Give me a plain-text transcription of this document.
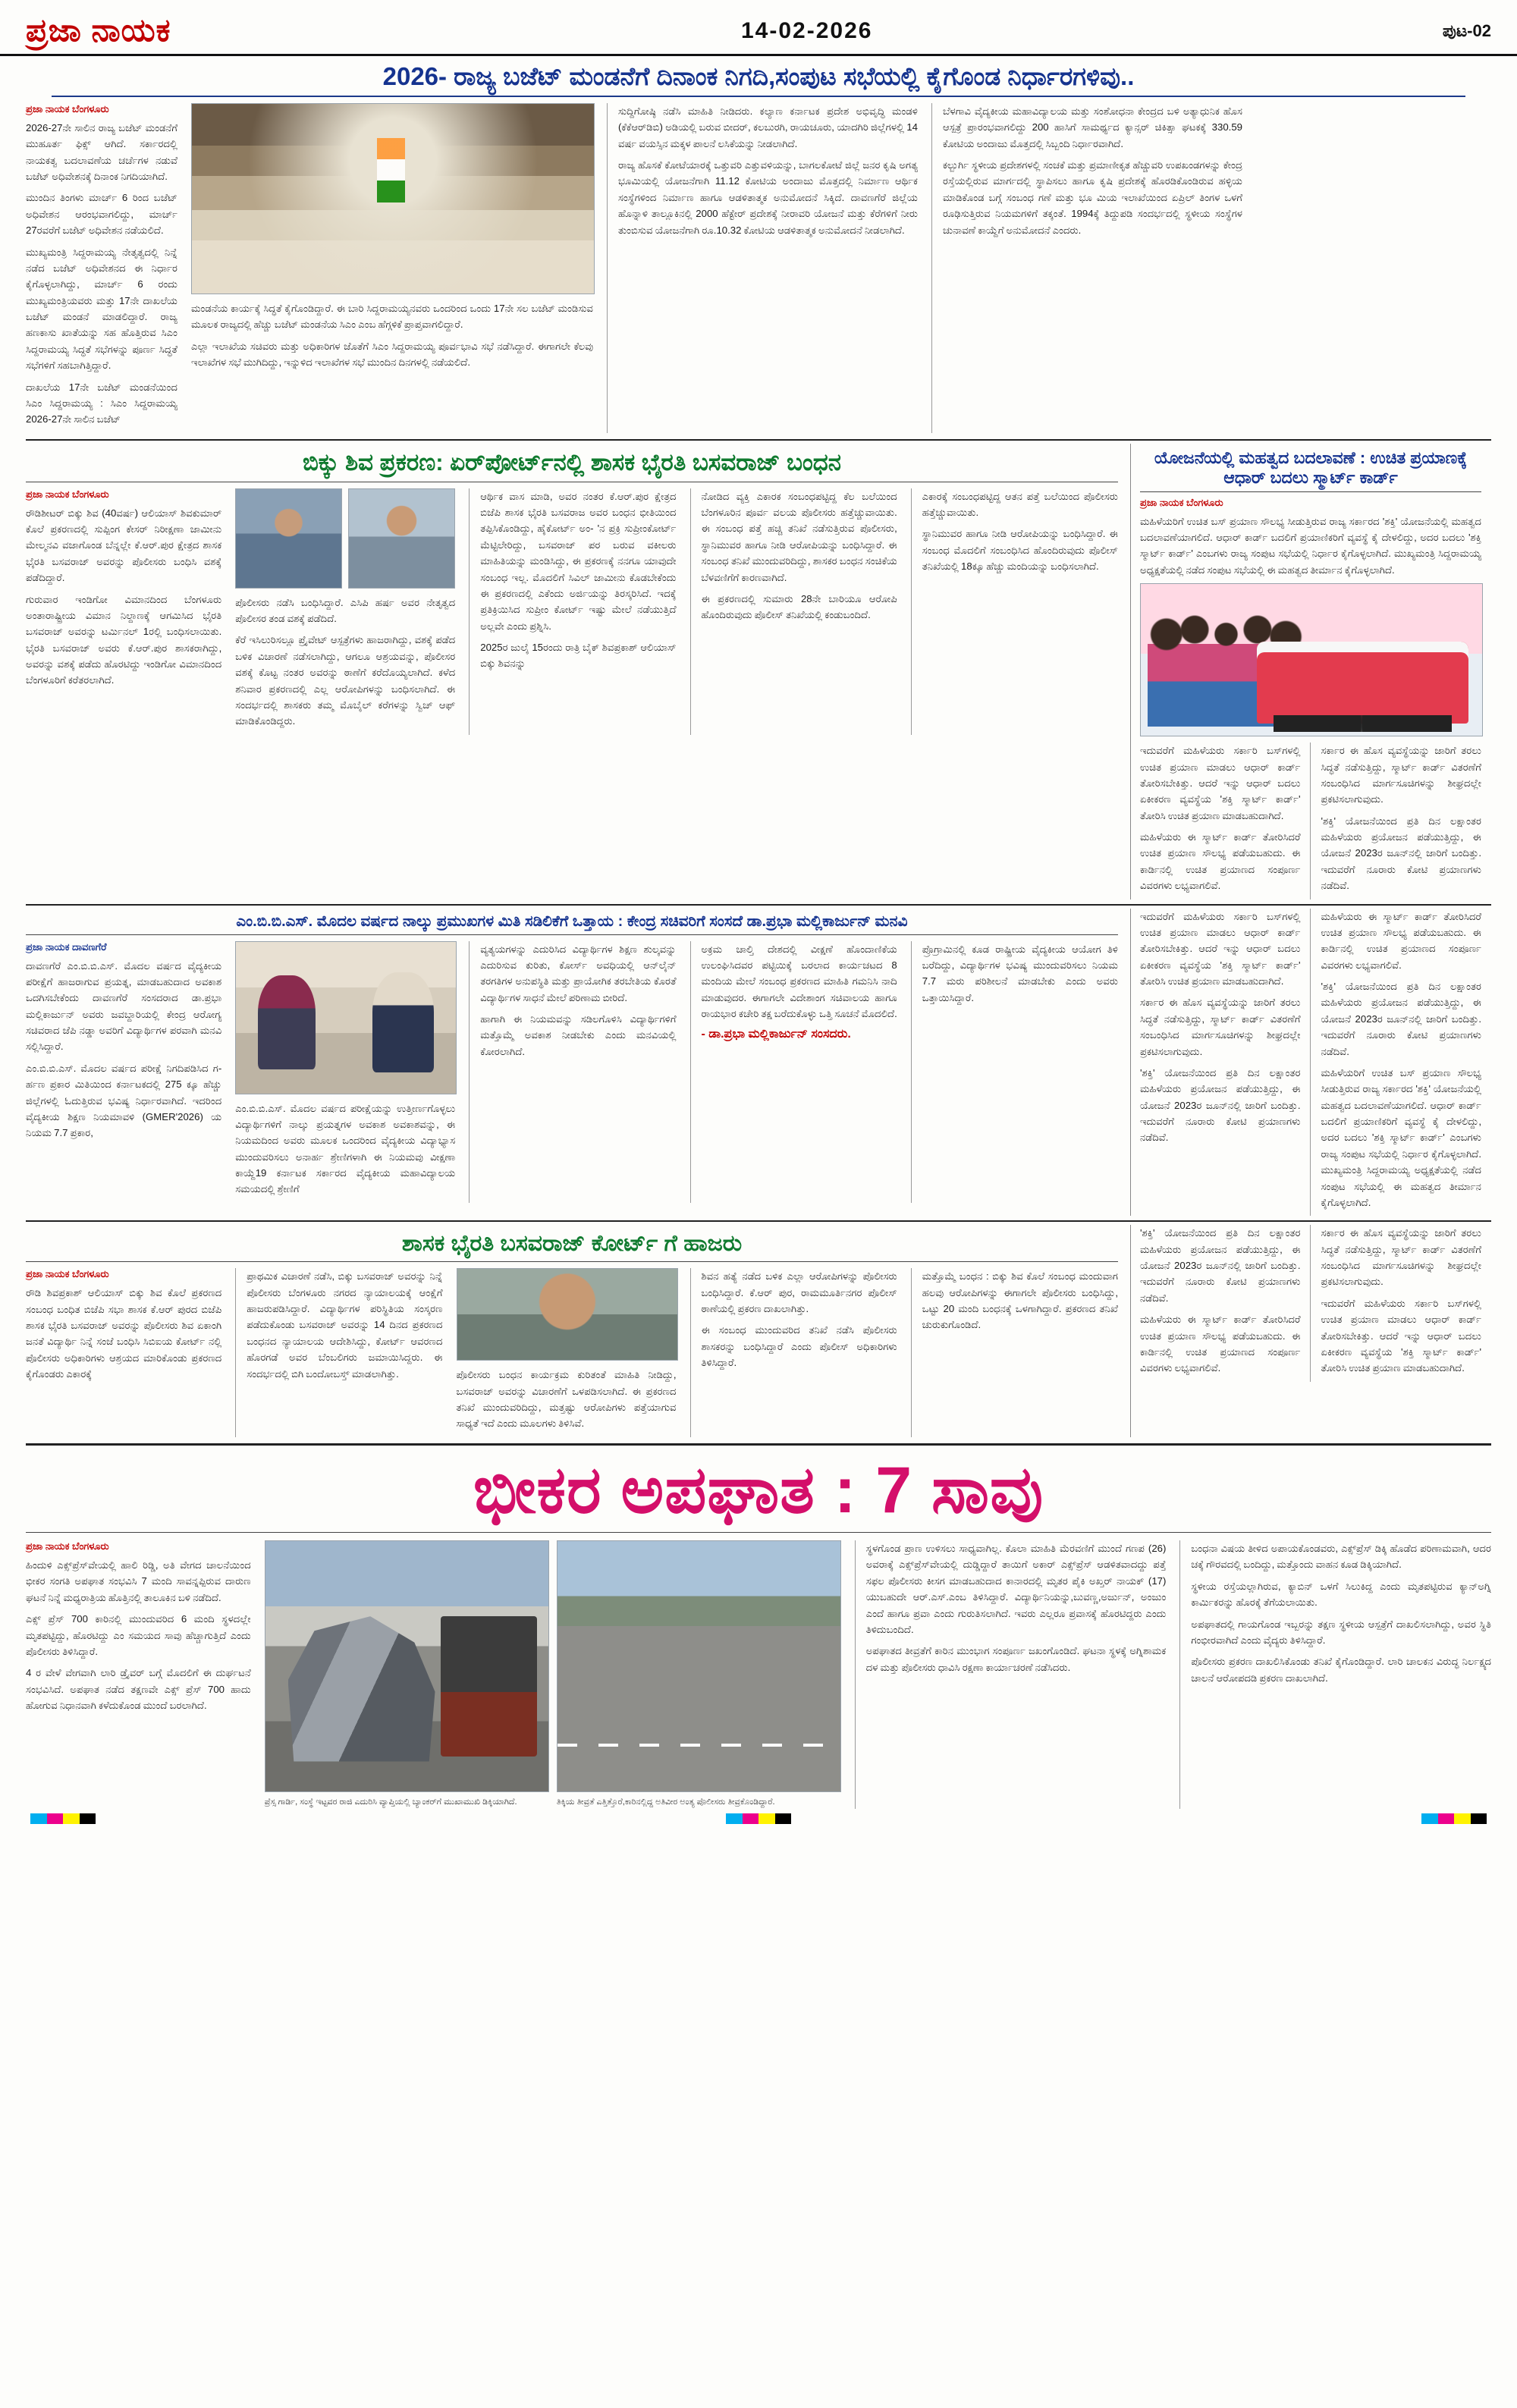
ಪ್ರಜಾ ನಾಯಕ	14-02-2026	ಪುಟ-02
2026- ರಾಜ್ಯ ಬಜೆಟ್ ಮಂಡನೆಗೆ ದಿನಾಂಕ ನಿಗದಿ,ಸಂಪುಟ ಸಭೆಯಲ್ಲಿ ಕೈಗೊಂಡ ನಿರ್ಧಾರಗಳಿವು..
ಪ್ರಜಾ ನಾಯಕ ಬೆಂಗಳೂರು

2026-27ನೇ ಸಾಲಿನ ರಾಜ್ಯ ಬಜೆಟ್ ಮಂಡನೆಗೆ ಮುಹೂರ್ತ ಫಿಕ್ಸ್ ಆಗಿದೆ. ಸರ್ಕಾರದಲ್ಲಿ ನಾಯಕತ್ವ ಬದಲಾವಣೆಯ ಚರ್ಚೆಗಳ ನಡುವೆ ಬಜೆಟ್ ಅಧಿವೇಶನಕ್ಕೆ ದಿನಾಂಕ ನಿಗದಿಯಾಗಿದೆ.

ಮುಂದಿನ ತಿಂಗಳು ಮಾರ್ಚ್ 6 ರಿಂದ ಬಜೆಟ್ ಅಧಿವೇಶನ ಆರಂಭವಾಗಲಿದ್ದು, ಮಾರ್ಚ್ 27ರವರೆಗೆ ಬಜೆಟ್ ಅಧಿವೇಶನ ನಡೆಯಲಿದೆ.

ಮುಖ್ಯಮಂತ್ರಿ ಸಿದ್ದರಾಮಯ್ಯ ನೇತೃತ್ವದಲ್ಲಿ ನಿನ್ನೆ ನಡೆದ ಬಜೆಟ್ ಅಧಿವೇಶನದ ಈ ನಿರ್ಧಾರ ಕೈಗೊಳ್ಳಲಾಗಿದ್ದು, ಮಾರ್ಚ್ 6 ರಂದು ಮುಖ್ಯಮಂತ್ರಿಯವರು ಮತ್ತು 17ನೇ ದಾಖಲೆಯ ಬಜೆಟ್ ಮಂಡನೆ ಮಾಡಲಿದ್ದಾರೆ. ರಾಜ್ಯ ಹಣಕಾಸು ಖಾತೆಯನ್ನು ಸಹ ಹೊತ್ತಿರುವ ಸಿಎಂ ಸಿದ್ದರಾಮಯ್ಯ ಸಿದ್ಧತೆ ಸಭೆಗಳನ್ನು ಪೂರ್ಣ ಸಿದ್ಧತೆ ಸಭೆಗಳಿಗೆ ಸಹಬಾಗಿತ್ತಿದ್ದಾರೆ.

ದಾಖಲೆಯ 17ನೇ ಬಜೆಟ್ ಮಂಡನೆಯಿಂದ ಸಿಎಂ ಸಿದ್ದರಾಮಯ್ಯ : ಸಿಎಂ ಸಿದ್ದರಾಮಯ್ಯ 2026-27ನೇ ಸಾಲಿನ ಬಜೆಟ್

ಮಂಡನೆಯ ಕಾರ್ಯಕ್ಕೆ ಸಿದ್ಧತೆ ಕೈಗೊಂಡಿದ್ದಾರೆ. ಈ ಬಾರಿ ಸಿದ್ದರಾಮಯ್ಯನವರು ಒಂದರಿಂದ ಒಂದು 17ನೇ ಸಲ ಬಜೆಟ್ ಮಂಡಿಸುವ ಮೂಲಕ ರಾಜ್ಯದಲ್ಲಿ ಹೆಚ್ಚು ಬಜೆಟ್ ಮಂಡನೆಯ ಸಿಎಂ ಎಂಬ ಹೆಗ್ಗಳಿಕೆ ಪ್ರಾಪ್ತವಾಗಲಿದ್ದಾರೆ.

ಎಲ್ಲಾ ಇಲಾಖೆಯ ಸಚಿವರು ಮತ್ತು ಅಧಿಕಾರಿಗಳ ಜೊತೆಗೆ ಸಿಎಂ ಸಿದ್ದರಾಮಯ್ಯ ಪೂರ್ವಭಾವಿ ಸಭೆ ನಡೆಸಿದ್ದಾರೆ. ಈಗಾಗಲೇ ಕೆಲವು ಇಲಾಖೆಗಳ ಸಭೆ ಮುಗಿದಿದ್ದು, ಇನ್ನುಳಿದ ಇಲಾಖೆಗಳ ಸಭೆ ಮುಂದಿನ ದಿನಗಳಲ್ಲಿ ನಡೆಯಲಿದೆ.

ಸುದ್ದಿಗೋಷ್ಠಿ ನಡೆಸಿ ಮಾಹಿತಿ ನೀಡಿದರು. ಕಲ್ಯಾಣ ಕರ್ನಾಟಕ ಪ್ರದೇಶ ಅಭಿವೃದ್ಧಿ ಮಂಡಳಿ (ಕೆಕೆಆರ್‌ಡಿಬಿ) ಅಡಿಯಲ್ಲಿ ಬರುವ ಬೀದರ್, ಕಲಬುರಗಿ, ರಾಯಚೂರು, ಯಾದಗಿರಿ ಜಿಲ್ಲೆಗಳಲ್ಲಿ 14 ವರ್ಷ ವಯಸ್ಸಿನ ಮಕ್ಕಳ ಪಾಲನೆ ಲಸಿಕೆಯನ್ನು ನೀಡಲಾಗಿದೆ.

ರಾಜ್ಯ ಹೊಸಕೆ ಕೋಟೆಯಾರಕ್ಕೆ ಒತ್ತುವರಿ ಎತ್ತುವಳಿಯನ್ನು, ಬಾಗಲಕೋಟೆ ಜಿಲ್ಲೆ ಜನರ ಕೃಷಿ ಅಗತ್ಯ ಭೂಮಿಯಲ್ಲಿ ಯೋಜನೆಗಾಗಿ 11.12 ಕೋಟಿಯ ಅಂದಾಜು ಮೊತ್ತದಲ್ಲಿ ನಿರ್ಮಾಣ ಆರ್ಥಿಕ ಸಂಸ್ಥೆಗಳಿಂದ ನಿರ್ಮಾಣ ಹಾಗೂ ಆಡಳಿತಾತ್ಮಕ ಅನುಮೋದನೆ ಸಿಕ್ಕಿದೆ. ದಾವಣಗೆರೆ ಜಿಲ್ಲೆಯ ಹೊನ್ನಾಳಿ ತಾಲ್ಲೂಕಿನಲ್ಲಿ 2000 ಹೆಕ್ಟೇರ್ ಪ್ರದೇಶಕ್ಕೆ ನೀರಾವರಿ ಯೋಜನೆ ಮತ್ತು ಕೆರೆಗಳಿಗೆ ನೀರು ತುಂಬಿಸುವ ಯೋಜನೆಗಾಗಿ ರೂ.10.32 ಕೋಟಿಯ ಆಡಳಿತಾತ್ಮಕ ಅನುಮೋದನೆ ನೀಡಲಾಗಿದೆ.

ಬೆಳಗಾವಿ ವೈದ್ಯಕೀಯ ಮಹಾವಿದ್ಯಾಲಯ ಮತ್ತು ಸಂಶೋಧನಾ ಕೇಂದ್ರದ ಬಳಿ ಅತ್ಯಾಧುನಿಕ ಹೊಸ ಆಸ್ಪತ್ರೆ ಪ್ರಾರಂಭವಾಗಲಿದ್ದು 200 ಹಾಸಿಗೆ ಸಾಮರ್ಥ್ಯದ ಕ್ಯಾನ್ಸರ್ ಚಿಕಿತ್ಸಾ ಘಟಕಕ್ಕೆ 330.59 ಕೋಟಿಯ ಅಂದಾಜು ಮೊತ್ತದಲ್ಲಿ ಸಿಬ್ಬಂದಿ ನಿರ್ಧಾರವಾಗಿದೆ.

ಕಲ್ಬುರ್ಗಿ ಸ್ಥಳೀಯ ಪ್ರದೇಶಗಳಲ್ಲಿ ಸಂಚಕೆ ಮತ್ತು ಪ್ರಮಾಣೀಕೃತ ಹೆಚ್ಚುವರಿ ಉಪಖಂಡಗಳನ್ನು ಕೇಂದ್ರ ರಸ್ತೆಯಲ್ಲಿರುವ ಮಾರ್ಗದಲ್ಲಿ ಸ್ಥಾಪಿಸಲು ಹಾಗೂ ಕೃಷಿ ಪ್ರದೇಶಕ್ಕೆ ಹೊರಡಿಕೊಂಡಿರುವ ಹಳ್ಳಿಯ ಮಾಡಿಕೊಂಡ ಬಗ್ಗೆ ಸಂಬಂಧ ಗಣೆ ಮತ್ತು ಭೂ ಮಿಯ ಇಲಾಖೆಯಿಂದ ಏಪ್ರಿಲ್ ತಿಂಗಳ ಒಳಗೆ ರೂಢಿಸುತ್ತಿರುವ ನಿಯಮಗಳಿಗೆ ತಕ್ಕಂತೆ. 1994ಕ್ಕೆ ತಿದ್ದುಪಡಿ ಸಂದರ್ಭದಲ್ಲಿ ಸ್ಥಳೀಯ ಸಂಸ್ಥೆಗಳ ಚುನಾವಣೆ ಕಾಯ್ದೆಗೆ ಅನುಮೋದನೆ ಎಂದರು.

ಬಿಕ್ಕು ಶಿವ ಪ್ರಕರಣ: ಏರ್‌ಪೋರ್ಟ್‌ನಲ್ಲಿ ಶಾಸಕ ಭೈರತಿ ಬಸವರಾಜ್ ಬಂಧನ
ಪ್ರಜಾ ನಾಯಕ ಬೆಂಗಳೂರು

ರೌಡಿಶೀಟರ್ ಬಿಕ್ಕು ಶಿವ (40ವರ್ಷ) ಆಲಿಯಾಸ್ ಶಿವಕುಮಾರ್ ಕೊಲೆ ಪ್ರಕರಣದಲ್ಲಿ ಸುಪ್ಪಿಂಗ ಕೇಸರ್ ನಿರೀಕ್ಷಣಾ ಜಾಮೀನು ಮೇಲ್ಮನವಿ ವಜಾಗೊಂಡ ಬೆನ್ನಲ್ಲೇ ಕೆ.ಆರ್.ಪುರ ಕ್ಷೇತ್ರದ ಶಾಸಕ ಭೈರತಿ ಬಸವರಾಜ್ ಅವರನ್ನು ಪೊಲೀಸರು ಬಂಧಿಸಿ ವಶಕ್ಕೆ ಪಡೆದಿದ್ದಾರೆ.

ಗುರುವಾರ ಇಂಡಿಗೋ ವಿಮಾನದಿಂದ ಬೆಂಗಳೂರು ಅಂತಾರಾಷ್ಟ್ರೀಯ ವಿಮಾನ ನಿಲ್ದಾಣಕ್ಕೆ ಆಗಮಿಸಿದ ಭೈರತಿ ಬಸವರಾಜ್ ಅವರನ್ನು ಟರ್ಮಿನಲ್ 1ರಲ್ಲಿ ಬಂಧಿಸಲಾಯಿತು. ಭೈರತಿ ಬಸವರಾಜ್ ಅವರು ಕೆ.ಆರ್.ಪುರ ಶಾಸಕರಾಗಿದ್ದು, ಅವರನ್ನು ವಶಕ್ಕೆ ಪಡೆದು ಹೊರಟಿದ್ದು ಇಂಡಿಗೋ ವಿಮಾನದಿಂದ ಬೆಂಗಳೂರಿಗೆ ಕರೆತರಲಾಗಿದೆ.

ಪೊಲೀಸರು ನಡೆಸಿ ಬಂಧಿಸಿದ್ದಾರೆ. ಎಸಿಪಿ ಹರ್ಷ ಅವರ ನೇತೃತ್ವದ ಪೊಲೀಸರ ತಂಡ ವಶಕ್ಕೆ ಪಡೆದಿದೆ.

ಕೆರೆ ಇಸಿಲುರಿಸಲ್ಲೂ ಪ್ರೈವೇಟ್ ಆಸ್ಪತ್ರೆಗಳು ಹಾಜರಾಗಿದ್ದು, ವಶಕ್ಕೆ ಪಡೆದ ಬಳಿಕ ವಿಚಾರಣೆ ನಡೆಸಲಾಗಿದ್ದು, ಆಗಲೂ ಆಶ್ರಯವನ್ನು, ಪೊಲೀಸರ ವಶಕ್ಕೆ ಕೊಟ್ಟ ನಂತರ ಅವರನ್ನು ಠಾಣೆಗೆ ಕರೆದೊಯ್ಯಲಾಗಿದೆ. ಕಳೆದ ಶನಿವಾರ ಪ್ರಕರಣದಲ್ಲಿ ಎಲ್ಲ ಆರೋಪಿಗಳನ್ನು ಬಂಧಿಸಲಾಗಿದೆ. ಈ ಸಂದರ್ಭದಲ್ಲಿ ಶಾಸಕರು ತಮ್ಮ ಮೊಬೈಲ್ ಕರೆಗಳನ್ನು ಸ್ವಿಚ್ ಆಫ್ ಮಾಡಿಕೊಂಡಿದ್ದರು.

ಆರ್ಥಿಕ ವಾಸ ಮಾಡಿ, ಅವರ ನಂತರ ಕೆ.ಆರ್.ಪುರ ಕ್ಷೇತ್ರದ ಬಿಜೆಪಿ ಶಾಸಕ ಭೈರತಿ ಬಸವರಾಜ ಅವರ ಬಂಧನ ಭೀತಿಯಿಂದ ತಪ್ಪಿಸಿಕೊಂಡಿದ್ದು, ಹೈಕೋರ್ಟ್ ಅಂ- 'ನ ಪ್ರಕ್ರಿ ಸುಪ್ರೀಂಕೋರ್ಟ್ ಮೆಟ್ಟಿಲೇರಿದ್ದು, ಬಸವರಾಜ್ ಪರ ಬರುವ ವಕೀಲರು ಮಾಹಿತಿಯನ್ನು ಮಂಡಿಸಿದ್ದು, ಈ ಪ್ರಕರಣಕ್ಕೆ ನನಗೂ ಯಾವುದೇ ಸಂಬಂಧ ಇಲ್ಲ. ಮೊದಲಿಗೆ ಸಿವಿಲ್ ಜಾಮೀನು ಕೊಡಬೇಕೆಂದು ಈ ಪ್ರಕರಣದಲ್ಲಿ ಎಕೆಂದು ಅರ್ಜಿಯನ್ನು ತಿರಸ್ಕರಿಸಿದೆ. ಇದಕ್ಕೆ ಪ್ರತಿಕ್ರಿಯಿಸಿದ ಸುಪ್ರೀಂ ಕೋರ್ಟ್ ಇಷ್ಟು ಮೇಲೆ ನಡೆಯುತ್ತಿದೆ ಅಲ್ಲವೇ ಎಂದು ಪ್ರಶ್ನಿಸಿ.

2025ರ ಜುಲೈ 15ರಂದು ರಾತ್ರಿ ಬೈಕ್ ಶಿವಪ್ರಕಾಶ್ ಆಲಿಯಾಸ್ ಬಿಕ್ಕು ಶಿವನನ್ನು

ನೋಡಿದ ವ್ಯಕ್ತಿ ಎಕಾರಕ ಸಂಬಂಧಪಟ್ಟಿದ್ದ ಕೆಲ ಬಲೆಯಿಂದ ಬೆಂಗಳೂರಿನ ಪೂರ್ವ ವಲಯ ಪೊಲೀಸರು ಹತ್ತೆಚ್ಚುವಾಯಿತು. ಈ ಸಂಬಂಧ ಪತ್ತೆ ಹಚ್ಚಿ ತನಿಖೆ ನಡೆಸುತ್ತಿರುವ ಪೊಲೀಸರು, ಸ್ಥಾನಿಮುವರ ಹಾಗೂ ನೀಡಿ ಆರೋಪಿಯನ್ನು ಬಂಧಿಸಿದ್ದಾರೆ. ಈ ಸಂಬಂಧ ತನಿಖೆ ಮುಂದುವರಿದಿದ್ದು, ಶಾಸಕರ ಬಂಧನ ಸಂಚಿಕೆಯ ಬೆಳವಣಿಗೆಗೆ ಕಾರಣವಾಗಿದೆ.

ಈ ಪ್ರಕರಣದಲ್ಲಿ ಸುಮಾರು 28ನೇ ಬಾರಿಯೂ ಆರೋಪಿ ಹೊಂದಿರುವುದು ಪೊಲೀಸ್ ತನಿಖೆಯಲ್ಲಿ ಕಂಡುಬಂದಿದೆ.

ಎಕಾರಕ್ಕೆ ಸಂಬಂಧಪಟ್ಟಿದ್ದ ಆತನ ಪತ್ತೆ ಬಲೆಯಿಂದ ಪೊಲೀಸರು ಹತ್ತೆಚ್ಚುವಾಯಿತು.

ಸ್ಥಾನಿಮುವರ ಹಾಗೂ ನೀಡಿ ಆರೋಪಿಯನ್ನು ಬಂಧಿಸಿದ್ದಾರೆ. ಈ ಸಂಬಂಧ ಮೊದಲಿಗೆ ಸಂಬಂಧಿಸಿದ ಹೊಂದಿರುವುದು ಪೊಲೀಸ್ ತನಿಖೆಯಲ್ಲಿ 18ಕ್ಕೂ ಹೆಚ್ಚು ಮಂದಿಯನ್ನು ಬಂಧಿಸಲಾಗಿದೆ.

ಯೋಜನೆಯಲ್ಲಿ ಮಹತ್ವದ ಬದಲಾವಣೆ : ಉಚಿತ ಪ್ರಯಾಣಕ್ಕೆ ಆಧಾರ್ ಬದಲು ಸ್ಮಾರ್ಟ್ ಕಾರ್ಡ್
ಪ್ರಜಾ ನಾಯಕ ಬೆಂಗಳೂರು

ಮಹಿಳೆಯರಿಗೆ ಉಚಿತ ಬಸ್ ಪ್ರಯಾಣ ಸೌಲಭ್ಯ ಸೀಡುತ್ತಿರುವ ರಾಜ್ಯ ಸರ್ಕಾರದ 'ಶಕ್ತಿ' ಯೋಜನೆಯಲ್ಲಿ ಮಹತ್ವದ ಬದಲಾವಣೆಯಾಗಲಿದೆ. ಆಧಾರ್ ಕಾರ್ಡ್ ಬದಲಿಗೆ ಪ್ರಯಾಣಿಕರಿಗೆ ವ್ಯವಸ್ಥೆ ಕೈ ದೇಳಲಿದ್ದು, ಅದರ ಬದಲು 'ಶಕ್ತಿ ಸ್ಮಾರ್ಟ್ ಕಾರ್ಡ್' ಎಂಬಗಳು ರಾಜ್ಯ ಸಂಪುಟ ಸಭೆಯಲ್ಲಿ ನಿರ್ಧಾರ ಕೈಗೊಳ್ಳಲಾಗಿದೆ. ಮುಖ್ಯಮಂತ್ರಿ ಸಿದ್ದರಾಮಯ್ಯ ಅಧ್ಯಕ್ಷತೆಯಲ್ಲಿ ನಡೆದ ಸಂಪುಟ ಸಭೆಯಲ್ಲಿ ಈ ಮಹತ್ವದ ತೀರ್ಮಾನ ಕೈಗೊಳ್ಳಲಾಗಿದೆ.

ಇದುವರೆಗೆ ಮಹಿಳೆಯರು ಸರ್ಕಾರಿ ಬಸ್‌ಗಳಲ್ಲಿ ಉಚಿತ ಪ್ರಯಾಣ ಮಾಡಲು ಆಧಾರ್ ಕಾರ್ಡ್ ತೋರಿಸಬೇಕಿತ್ತು. ಆದರೆ ಇನ್ನು ಆಧಾರ್ ಬದಲು ಏಕೀಕರಣ ವ್ಯವಸ್ಥೆಯ 'ಶಕ್ತಿ ಸ್ಮಾರ್ಟ್ ಕಾರ್ಡ್' ತೋರಿಸಿ ಉಚಿತ ಪ್ರಯಾಣ ಮಾಡಬಹುದಾಗಿದೆ.

ಮಹಿಳೆಯರು ಈ ಸ್ಮಾರ್ಟ್ ಕಾರ್ಡ್ ತೋರಿಸಿದರೆ ಉಚಿತ ಪ್ರಯಾಣ ಸೌಲಭ್ಯ ಪಡೆಯಬಹುದು. ಈ ಕಾರ್ಡಿನಲ್ಲಿ ಉಚಿತ ಪ್ರಯಾಣದ ಸಂಪೂರ್ಣ ವಿವರಗಳು ಲಭ್ಯವಾಗಲಿವೆ.

ಸರ್ಕಾರ ಈ ಹೊಸ ವ್ಯವಸ್ಥೆಯನ್ನು ಜಾರಿಗೆ ತರಲು ಸಿದ್ಧತೆ ನಡೆಸುತ್ತಿದ್ದು, ಸ್ಮಾರ್ಟ್ ಕಾರ್ಡ್ ವಿತರಣೆಗೆ ಸಂಬಂಧಿಸಿದ ಮಾರ್ಗಸೂಚಿಗಳನ್ನು ಶೀಘ್ರದಲ್ಲೇ ಪ್ರಕಟಿಸಲಾಗುವುದು.

'ಶಕ್ತಿ' ಯೋಜನೆಯಿಂದ ಪ್ರತಿ ದಿನ ಲಕ್ಷಾಂತರ ಮಹಿಳೆಯರು ಪ್ರಯೋಜನ ಪಡೆಯುತ್ತಿದ್ದು, ಈ ಯೋಜನೆ 2023ರ ಜೂನ್‌ನಲ್ಲಿ ಜಾರಿಗೆ ಬಂದಿತ್ತು. ಇದುವರೆಗೆ ನೂರಾರು ಕೋಟಿ ಪ್ರಯಾಣಗಳು ನಡೆದಿವೆ.

ಎಂ.ಬಿ.ಬಿ.ಎಸ್. ಮೊದಲ ವರ್ಷದ ನಾಲ್ಕು ಪ್ರಮುಖಗಳ ಮಿತಿ ಸಡಿಲಿಕೆಗೆ ಒತ್ತಾಯ : ಕೇಂದ್ರ ಸಚಿವರಿಗೆ ಸಂಸದೆ ಡಾ.ಪ್ರಭಾ ಮಲ್ಲಿಕಾರ್ಜುನ್ ಮನವಿ
ಪ್ರಜಾ ನಾಯಕ ದಾವಣಗೆರೆ

ದಾವಣಗೆರೆ ಎಂ.ಬಿ.ಬಿ.ಎಸ್. ಮೊದಲ ವರ್ಷದ ವೈದ್ಯಕೀಯ ಪರೀಕ್ಷೆಗೆ ಹಾಜರಾಗುವ ಪ್ರಯತ್ನ, ಮಾಡಬಹುದಾದ ಅವಕಾಶ ಒದಗಿಸಬೇಕೆಂದು ದಾವಣಗೆರೆ ಸಂಸದರಾದ ಡಾ.ಪ್ರಭಾ ಮಲ್ಲಿಕಾರ್ಜುನ್ ಅವರು ಜವಬ್ದಾರಿಯಲ್ಲಿ ಕೇಂದ್ರ ಆರೋಗ್ಯ ಸಚಿವರಾದ ಜೆಪಿ ನಡ್ಡಾ ಅವರಿಗೆ ವಿದ್ಯಾರ್ಥಿಗಳ ಪರವಾಗಿ ಮನವಿ ಸಲ್ಲಿಸಿದ್ದಾರೆ.

ಎಂ.ಬಿ.ಬಿ.ಎಸ್. ಮೊದಲ ವರ್ಷದ ಪರೀಕ್ಷೆ ನಿಗದಿಪಡಿಸಿದ ಗ-ರ್ಹಣ ಪ್ರಕಾರ ಮಿತಿಯಿಂದ ಕರ್ನಾಟಕದಲ್ಲಿ 275 ಕ್ಕೂ ಹೆಚ್ಚು ಜಿಲ್ಲೆಗಳಲ್ಲಿ ಓದುತ್ತಿರುವ ಭವಿಷ್ಯ ನಿರ್ಧಾರವಾಗಿದೆ. ಇದರಿಂದ ವೈದ್ಯಕೀಯ ಶಿಕ್ಷಣ ನಿಯಮಾವಳಿ (GMER'2026) ಯ ನಿಯಮ 7.7 ಪ್ರಕಾರ,

ಎಂ.ಬಿ.ಬಿ.ಎಸ್. ಮೊದಲ ವರ್ಷದ ಪರೀಕ್ಷೆಯನ್ನು ಉತ್ತೀರ್ಣಗೊಳ್ಳಲು ವಿದ್ಯಾರ್ಥಿಗಳಿಗೆ ನಾಲ್ಕು ಪ್ರಯತ್ನಗಳ ಅವಕಾಶ ಅವಕಾಶವನ್ನು, ಈ ನಿಯಮದಿಂದ ಅವರು ಮೂಲಕ ಒಂದರಿಂದ ವೈದ್ಯಕೀಯ ವಿದ್ಯಾಭ್ಯಾಸ ಮುಂದುವರಿಸಲು ಅನಾರ್ಹ ಶ್ರೇಣಿಗಳಾಗಿ ಈ ನಿಯಮವು ವೀಕ್ಷಣಾ ಕಾಯ್ದೆ19 ಕರ್ನಾಟಕ ಸರ್ಕಾರದ ವೈದ್ಯಕೀಯ ಮಹಾವಿದ್ಯಾಲಯ ಸಮಯದಲ್ಲಿ ಶ್ರೇಣಿಗೆ

ವ್ಯತ್ಯಯಗಳನ್ನು ಎದುರಿಸಿದ ವಿದ್ಯಾರ್ಥಿಗಳ ಶಿಕ್ಷಣ ಶುಲ್ಕವನ್ನು ಎದುರಿಸುವ ಕುರಿತು, ಕೋರ್ಸ್ ಅವಧಿಯಲ್ಲಿ ಆನ್‌ಲೈನ್ ತರಗತಿಗಳ ಅನುಪಸ್ಥಿತಿ ಮತ್ತು ಪ್ರಾಯೋಗಿಕ ತರಬೇತಿಯ ಕೊರತೆ ವಿದ್ಯಾರ್ಥಿಗಳ ಸಾಧನೆ ಮೇಲೆ ಪರಿಣಾಮ ಬೀರಿದೆ.

ಹಾಗಾಗಿ ಈ ನಿಯಮವನ್ನು ಸಡಿಲಗೊಳಿಸಿ ವಿದ್ಯಾರ್ಥಿಗಳಿಗೆ ಮತ್ತೊಮ್ಮೆ ಅವಕಾಶ ನೀಡಬೇಕು ಎಂದು ಮನವಿಯಲ್ಲಿ ಕೋರಲಾಗಿದೆ.

ಅಕ್ರಮ ಚಾಲ್ತಿ ದೇಶದಲ್ಲಿ ವೀಕ್ಷಣೆ ಹೊಂದಾಣಿಕೆಯ ಉಲಂಘಿಸಿದವರ ಪಟ್ಟಿಯಿಕ್ಕೆ ಬರಲಾದ ಕಾರ್ಯಚಟದ 8 ಮಂದಿಯ ಮೇಲೆ ಸಂಬಂಧ ಪ್ರಕರಣದ ಮಾಹಿತಿ ಗಮನಿಸಿ ನಾದಿ ಮಾಡುವುದರ. ಈಗಾಗಲೇ ವಿದೇಶಾಂಗ ಸಚಿವಾಲಯ ಹಾಗೂ ರಾಯಭಾರ ಕಚೇರಿ ತಕ್ಷ ಬರೆದುಕೊಳ್ಳು ಒತ್ತಿ ಸೂಚನೆ ಮೊದಲಿದೆ.

- ಡಾ.ಪ್ರಭಾ ಮಲ್ಲಿಕಾರ್ಜುನ್ ಸಂಸದರು.

ಪ್ರೊಗ್ರಾಮಿನಲ್ಲಿ ಕೂಡ ರಾಷ್ಟ್ರೀಯ ವೈದ್ಯಕೀಯ ಆಯೋಗ ತಿಳಿ ಬರೆದಿದ್ದು, ವಿದ್ಯಾರ್ಥಿಗಳ ಭವಿಷ್ಯ ಮುಂದುವರಿಸಲು ನಿಯಮ 7.7 ಮರು ಪರಿಶೀಲನೆ ಮಾಡಬೇಕು ಎಂದು ಅವರು ಒತ್ತಾಯಿಸಿದ್ದಾರೆ.

ಇದುವರೆಗೆ ಮಹಿಳೆಯರು ಸರ್ಕಾರಿ ಬಸ್‌ಗಳಲ್ಲಿ ಉಚಿತ ಪ್ರಯಾಣ ಮಾಡಲು ಆಧಾರ್ ಕಾರ್ಡ್ ತೋರಿಸಬೇಕಿತ್ತು. ಆದರೆ ಇನ್ನು ಆಧಾರ್ ಬದಲು ಏಕೀಕರಣ ವ್ಯವಸ್ಥೆಯ 'ಶಕ್ತಿ ಸ್ಮಾರ್ಟ್ ಕಾರ್ಡ್' ತೋರಿಸಿ ಉಚಿತ ಪ್ರಯಾಣ ಮಾಡಬಹುದಾಗಿದೆ.

ಸರ್ಕಾರ ಈ ಹೊಸ ವ್ಯವಸ್ಥೆಯನ್ನು ಜಾರಿಗೆ ತರಲು ಸಿದ್ಧತೆ ನಡೆಸುತ್ತಿದ್ದು, ಸ್ಮಾರ್ಟ್ ಕಾರ್ಡ್ ವಿತರಣೆಗೆ ಸಂಬಂಧಿಸಿದ ಮಾರ್ಗಸೂಚಿಗಳನ್ನು ಶೀಘ್ರದಲ್ಲೇ ಪ್ರಕಟಿಸಲಾಗುವುದು.

'ಶಕ್ತಿ' ಯೋಜನೆಯಿಂದ ಪ್ರತಿ ದಿನ ಲಕ್ಷಾಂತರ ಮಹಿಳೆಯರು ಪ್ರಯೋಜನ ಪಡೆಯುತ್ತಿದ್ದು, ಈ ಯೋಜನೆ 2023ರ ಜೂನ್‌ನಲ್ಲಿ ಜಾರಿಗೆ ಬಂದಿತ್ತು. ಇದುವರೆಗೆ ನೂರಾರು ಕೋಟಿ ಪ್ರಯಾಣಗಳು ನಡೆದಿವೆ.

ಮಹಿಳೆಯರು ಈ ಸ್ಮಾರ್ಟ್ ಕಾರ್ಡ್ ತೋರಿಸಿದರೆ ಉಚಿತ ಪ್ರಯಾಣ ಸೌಲಭ್ಯ ಪಡೆಯಬಹುದು. ಈ ಕಾರ್ಡಿನಲ್ಲಿ ಉಚಿತ ಪ್ರಯಾಣದ ಸಂಪೂರ್ಣ ವಿವರಗಳು ಲಭ್ಯವಾಗಲಿವೆ.

'ಶಕ್ತಿ' ಯೋಜನೆಯಿಂದ ಪ್ರತಿ ದಿನ ಲಕ್ಷಾಂತರ ಮಹಿಳೆಯರು ಪ್ರಯೋಜನ ಪಡೆಯುತ್ತಿದ್ದು, ಈ ಯೋಜನೆ 2023ರ ಜೂನ್‌ನಲ್ಲಿ ಜಾರಿಗೆ ಬಂದಿತ್ತು. ಇದುವರೆಗೆ ನೂರಾರು ಕೋಟಿ ಪ್ರಯಾಣಗಳು ನಡೆದಿವೆ.

ಮಹಿಳೆಯರಿಗೆ ಉಚಿತ ಬಸ್ ಪ್ರಯಾಣ ಸೌಲಭ್ಯ ಸೀಡುತ್ತಿರುವ ರಾಜ್ಯ ಸರ್ಕಾರದ 'ಶಕ್ತಿ' ಯೋಜನೆಯಲ್ಲಿ ಮಹತ್ವದ ಬದಲಾವಣೆಯಾಗಲಿದೆ. ಆಧಾರ್ ಕಾರ್ಡ್ ಬದಲಿಗೆ ಪ್ರಯಾಣಿಕರಿಗೆ ವ್ಯವಸ್ಥೆ ಕೈ ದೇಳಲಿದ್ದು, ಅದರ ಬದಲು 'ಶಕ್ತಿ ಸ್ಮಾರ್ಟ್ ಕಾರ್ಡ್' ಎಂಬಗಳು ರಾಜ್ಯ ಸಂಪುಟ ಸಭೆಯಲ್ಲಿ ನಿರ್ಧಾರ ಕೈಗೊಳ್ಳಲಾಗಿದೆ. ಮುಖ್ಯಮಂತ್ರಿ ಸಿದ್ದರಾಮಯ್ಯ ಅಧ್ಯಕ್ಷತೆಯಲ್ಲಿ ನಡೆದ ಸಂಪುಟ ಸಭೆಯಲ್ಲಿ ಈ ಮಹತ್ವದ ತೀರ್ಮಾನ ಕೈಗೊಳ್ಳಲಾಗಿದೆ.

ಶಾಸಕ ಭೈರತಿ ಬಸವರಾಜ್ ಕೋರ್ಟ್ ಗೆ ಹಾಜರು
ಪ್ರಜಾ ನಾಯಕ ಬೆಂಗಳೂರು

ರೌಡಿ ಶಿವಪ್ರಕಾಶ್ ಆಲಿಯಾಸ್ ಬಿಕ್ಕು ಶಿವ ಕೊಲೆ ಪ್ರಕರಣದ ಸಂಬಂಧ ಬಂಧಿತ ಬಿಜೆಪಿ ಸಭಾ ಶಾಸಕ ಕೆ.ಆರ್ ಪುರದ ಬಿಜೆಪಿ ಶಾಸಕ ಭೈರತಿ ಬಸವರಾಜ್ ಅವರನ್ನು ಪೊಲೀಸರು ಶಿವ ಏಕಾಂಗಿ ಜನತೆ ವಿದ್ಯಾರ್ಥಿ ನಿನ್ನೆ ಸಂಜೆ ಬಂಧಿಸಿ ಸಿಬಿಐಯ ಕೋರ್ಟ್ ನಲ್ಲಿ ಪೊಲೀಸರು ಅಧಿಕಾರಿಗಳು ಆಶ್ರಯದ ಮಾರಿಕೊಂಡು ಪ್ರಕರಣದ ಕೈಗೊಂಡರು ಎಕಾರಕ್ಕೆ

ಪ್ರಾಥಮಿಕ ವಿಚಾರಣೆ ನಡೆಸಿ, ಬಿಕ್ಕು ಬಸವರಾಜ್ ಅವರನ್ನು ನಿನ್ನೆ ಪೊಲೀಸರು ಬೆಂಗಳೂರು ನಗರದ ನ್ಯಾಯಾಲಯಕ್ಕೆ ಆಂಕ್ಷೆಗೆ ಹಾಜರುಪಡಿಸಿದ್ದಾರೆ. ವಿದ್ಯಾರ್ಥಿಗಳ ಪರಿಸ್ಥಿತಿಯ ಸಂಸ್ಕರಣ ಪಡೆದುಕೊಂಡು ಬಸವರಾಜ್ ಅವರನ್ನು 14 ದಿನದ ಪ್ರಕರಣದ ಬಂಧನದ ನ್ಯಾಯಾಲಯ ಆದೇಶಿಸಿದ್ದು, ಕೋರ್ಟ್ ಆವರಣದ ಹೊರಗಡೆ ಅವರ ಬೆಂಬಲಿಗರು ಜಮಾಯಿಸಿದ್ದರು. ಈ ಸಂದರ್ಭದಲ್ಲಿ ಬಿಗಿ ಬಂದೋಬಸ್ತ್ ಮಾಡಲಾಗಿತ್ತು.	ಪೊಲೀಸರು ಬಂಧನ ಕಾರ್ಯಕ್ರಮ ಕುರಿತಂತೆ ಮಾಹಿತಿ ನೀಡಿದ್ದು, ಬಸವರಾಜ್ ಅವರನ್ನು ವಿಚಾರಣೆಗೆ ಒಳಪಡಿಸಲಾಗಿದೆ. ಈ ಪ್ರಕರಣದ ತನಿಖೆ ಮುಂದುವರಿದಿದ್ದು, ಮತ್ತಷ್ಟು ಆರೋಪಿಗಳು ಪತ್ತೆಯಾಗುವ ಸಾಧ್ಯತೆ ಇದೆ ಎಂದು ಮೂಲಗಳು ತಿಳಿಸಿವೆ.

ಶಿವನ ಹತ್ಯೆ ನಡೆದ ಬಳಿಕ ಎಲ್ಲಾ ಆರೋಪಿಗಳನ್ನು ಪೊಲೀಸರು ಬಂಧಿಸಿದ್ದಾರೆ. ಕೆ.ಆರ್ ಪುರ, ರಾಮಮೂರ್ತಿನಗರ ಪೊಲೀಸ್ ಠಾಣೆಯಲ್ಲಿ ಪ್ರಕರಣ ದಾಖಲಾಗಿತ್ತು.

ಈ ಸಂಬಂಧ ಮುಂದುವರಿದ ತನಿಖೆ ನಡೆಸಿ ಪೊಲೀಸರು ಶಾಸಕರನ್ನು ಬಂಧಿಸಿದ್ದಾರೆ ಎಂದು ಪೊಲೀಸ್ ಅಧಿಕಾರಿಗಳು ತಿಳಿಸಿದ್ದಾರೆ.

ಮತ್ತೊಮ್ಮೆ ಬಂಧನ : ಬಿಕ್ಕು ಶಿವ ಕೊಲೆ ಸಂಬಂಧ ಮಂದುವಾಗ ಹಲವು ಆರೋಪಿಗಳನ್ನು ಈಗಾಗಲೇ ಪೊಲೀಸರು ಬಂಧಿಸಿದ್ದು, ಒಟ್ಟು 20 ಮಂದಿ ಬಂಧನಕ್ಕೆ ಒಳಗಾಗಿದ್ದಾರೆ. ಪ್ರಕರಣದ ತನಿಖೆ ಚುರುಕುಗೊಂಡಿದೆ.

'ಶಕ್ತಿ' ಯೋಜನೆಯಿಂದ ಪ್ರತಿ ದಿನ ಲಕ್ಷಾಂತರ ಮಹಿಳೆಯರು ಪ್ರಯೋಜನ ಪಡೆಯುತ್ತಿದ್ದು, ಈ ಯೋಜನೆ 2023ರ ಜೂನ್‌ನಲ್ಲಿ ಜಾರಿಗೆ ಬಂದಿತ್ತು. ಇದುವರೆಗೆ ನೂರಾರು ಕೋಟಿ ಪ್ರಯಾಣಗಳು ನಡೆದಿವೆ.

ಮಹಿಳೆಯರು ಈ ಸ್ಮಾರ್ಟ್ ಕಾರ್ಡ್ ತೋರಿಸಿದರೆ ಉಚಿತ ಪ್ರಯಾಣ ಸೌಲಭ್ಯ ಪಡೆಯಬಹುದು. ಈ ಕಾರ್ಡಿನಲ್ಲಿ ಉಚಿತ ಪ್ರಯಾಣದ ಸಂಪೂರ್ಣ ವಿವರಗಳು ಲಭ್ಯವಾಗಲಿವೆ.

ಸರ್ಕಾರ ಈ ಹೊಸ ವ್ಯವಸ್ಥೆಯನ್ನು ಜಾರಿಗೆ ತರಲು ಸಿದ್ಧತೆ ನಡೆಸುತ್ತಿದ್ದು, ಸ್ಮಾರ್ಟ್ ಕಾರ್ಡ್ ವಿತರಣೆಗೆ ಸಂಬಂಧಿಸಿದ ಮಾರ್ಗಸೂಚಿಗಳನ್ನು ಶೀಘ್ರದಲ್ಲೇ ಪ್ರಕಟಿಸಲಾಗುವುದು.

ಇದುವರೆಗೆ ಮಹಿಳೆಯರು ಸರ್ಕಾರಿ ಬಸ್‌ಗಳಲ್ಲಿ ಉಚಿತ ಪ್ರಯಾಣ ಮಾಡಲು ಆಧಾರ್ ಕಾರ್ಡ್ ತೋರಿಸಬೇಕಿತ್ತು. ಆದರೆ ಇನ್ನು ಆಧಾರ್ ಬದಲು ಏಕೀಕರಣ ವ್ಯವಸ್ಥೆಯ 'ಶಕ್ತಿ ಸ್ಮಾರ್ಟ್ ಕಾರ್ಡ್' ತೋರಿಸಿ ಉಚಿತ ಪ್ರಯಾಣ ಮಾಡಬಹುದಾಗಿದೆ.

ಭೀಕರ ಅಪಘಾತ : 7 ಸಾವು
ಪ್ರಜಾ ನಾಯಕ ಬೆಂಗಳೂರು

ಹಿಂದುಳಿ ಎಕ್ಸ್‌ಪ್ರೆಸ್‌ವೇಯಲ್ಲಿ ಹಾಲಿ ರಿಡ್ಡಿ, ಅತಿ ವೇಗದ ಚಾಲನೆಯಿಂದ ಭೀಕರ ಸಂಗತಿ ಅಪಘಾತ ಸಂಭವಿಸಿ 7 ಮಂದಿ ಸಾವನ್ನಪ್ಪಿರುವ ದಾರುಣ ಘಟನೆ ನಿನ್ನೆ ಮಧ್ಯರಾತ್ರಿಯ ಹೊತ್ತಿನಲ್ಲಿ ತಾಲೂಕಿನ ಬಳಿ ನಡೆದಿದೆ.

ಎಕ್ಸ್ ಪ್ರೆಸ್ 700 ಕಾರಿನಲ್ಲಿ ಮುಂದುವರಿದ 6 ಮಂದಿ ಸ್ಥಳದಲ್ಲೇ ಮೃತಪಟ್ಟಿದ್ದು, ಹೊರಟಿದ್ದು ಎಂ ಸಮಯದ ಸಾವು ಹೆಚ್ಚಾಗುತ್ತಿದೆ ಎಂದು ಪೊಲೀಸರು ತಿಳಿಸಿದ್ದಾರೆ.

4 ರ ವೇಳೆ ವೇಗವಾಗಿ ಲಾರಿ ಡ್ರೈವರ್ ಬಗ್ಗೆ ಮೊದಲಿಗೆ ಈ ದುರ್ಘಟನೆ ಸಂಭವಿಸಿದೆ. ಅಪಘಾತ ನಡೆದ ತಕ್ಷಣವೇ ಎಕ್ಸ್ ಪ್ರೆಸ್ 700 ಹಾದು ಹೋಗುವ ನಿಧಾನವಾಗಿ ಕಳೆದುಕೊಂಡ ಮುಂದೆ ಬರಲಾಗಿದೆ.

ಪ್ರೆಸ್ಸ ಗಾರ್ಡಿ, ಸಂಸ್ಥೆ ಇಟ್ಟವರ ರಾಜಿ ಎದುರಿಸಿ ವ್ಯಾಪ್ತಿಯಲ್ಲಿ ಬ್ಯಾಂಕರ್‌ಗೆ ಮುಖಾಮುಖಿ ಡಿಕ್ಕಿಯಾಗಿದೆ.	ತಿಕ್ಕಿಯ ತೀವ್ರತೆ ಎತ್ತಿತ್ತೊರೆ,ಕಾರಿನಲ್ಲಿದ್ದ ಅತಿವೀರ ಅಂತ್ಯ ಪೊಲೀಸರು ತೀವ್ರಕೊಂಡಿದ್ದಾರೆ.

ಸ್ಥಳಗೊಂಡ ಪ್ರಾಣ ಉಳಿಸಲು ಸಾಧ್ಯವಾಗಿಲ್ಲ. ಕೊಲಾ ಮಾಹಿತಿ ಮೆರವಣಿಗೆ ಮುಂದೆ ಗಣಪ (26) ಅವರಾಕ್ಕೆ ಎಕ್ಸ್‌ಪ್ರೆಸ್‌ವೇಯಲ್ಲಿ ದುಡ್ಡಿದ್ದಾರೆ ತಾಯಿಗೆ ಅಕಾರ್ ಎಕ್ಸ್‌ಪ್ರೆಸ್ ಆಡಳಿತವಾದದ್ದು ಪತ್ತೆ ಸಫಲ ಪೊಲೀಸರು ಕೀಸಗ ಮಾಡಬಹುದಾದ ಕಾನಾರದಲ್ಲಿ ಮೃತರ ಪೈಕಿ ಅಖ್ತರ್ ನಾಯಕ್ (17) ಯುಬಹುದೇ ಆರ್.ಎಸ್.ಎಂಬ ತಿಳಿಸಿದ್ದಾರೆ. ವಿದ್ಯಾರ್ಥಿನಿಯನ್ನು,ಬುವಣ್ಣ,ಅರ್ಜುನ್, ಅಂಜುಂ ಎಂದೆ ಹಾಗೂ ಪ್ರವಾ ಎಂದು ಗುರುತಿಸಲಾಗಿದೆ. ಇವರು ಎಲ್ಲರೂ ಪ್ರವಾಸಕ್ಕೆ ಹೊರಟಿದ್ದರು ಎಂದು ತಿಳಿದುಬಂದಿದೆ.

ಅಪಘಾತದ ತೀವ್ರತೆಗೆ ಕಾರಿನ ಮುಂಭಾಗ ಸಂಪೂರ್ಣ ಜಖಂಗೊಂಡಿದೆ. ಘಟನಾ ಸ್ಥಳಕ್ಕೆ ಅಗ್ನಿಶಾಮಕ ದಳ ಮತ್ತು ಪೊಲೀಸರು ಧಾವಿಸಿ ರಕ್ಷಣಾ ಕಾರ್ಯಾಚರಣೆ ನಡೆಸಿದರು.

ಬಂಧನಾ ವಿಷಯ ತೀಳಿದ ಅಪಾಯಕೊಂಡವರು, ಎಕ್ಸ್‌ಪ್ರೆಸ್ ಡಿಕ್ಕಿ ಹೊಡೆದ ಪರಿಣಾಮವಾಗಿ, ಆದರ ಚಕ್ಕೆ ಗೌರವದಲ್ಲಿ ಬಂದಿದ್ದು, ಮತ್ತೊಂದು ವಾಹನ ಕೂಡ ಡಿಕ್ಕಿಯಾಗಿದೆ.

ಸ್ಥಳೀಯ ರಸ್ತೆಯಲ್ಲಾಗಿರುವ, ಕ್ಯಾಬಿನ್ ಒಳಗೆ ಸಿಲುಕಿದ್ದ ಎಂದು ಮೃತಪಟ್ಟಿರುವ ಕ್ಯಾನ್‌ಅಗ್ನಿ ಕಾರ್ಮಿಕರನ್ನು ಹೊರಕ್ಕೆ ತೆಗೆಯಲಾಯಿತು.

ಅಪಘಾತದಲ್ಲಿ ಗಾಯಗೊಂಡ ಇಬ್ಬರನ್ನು ತಕ್ಷಣ ಸ್ಥಳೀಯ ಆಸ್ಪತ್ರೆಗೆ ದಾಖಲಿಸಲಾಗಿದ್ದು, ಅವರ ಸ್ಥಿತಿ ಗಂಭೀರವಾಗಿದೆ ಎಂದು ವೈದ್ಯರು ತಿಳಿಸಿದ್ದಾರೆ.

ಪೊಲೀಸರು ಪ್ರಕರಣ ದಾಖಲಿಸಿಕೊಂಡು ತನಿಖೆ ಕೈಗೊಂಡಿದ್ದಾರೆ. ಲಾರಿ ಚಾಲಕನ ವಿರುದ್ಧ ನಿರ್ಲಕ್ಷ್ಯದ ಚಾಲನೆ ಆರೋಪದಡಿ ಪ್ರಕರಣ ದಾಖಲಾಗಿದೆ.
